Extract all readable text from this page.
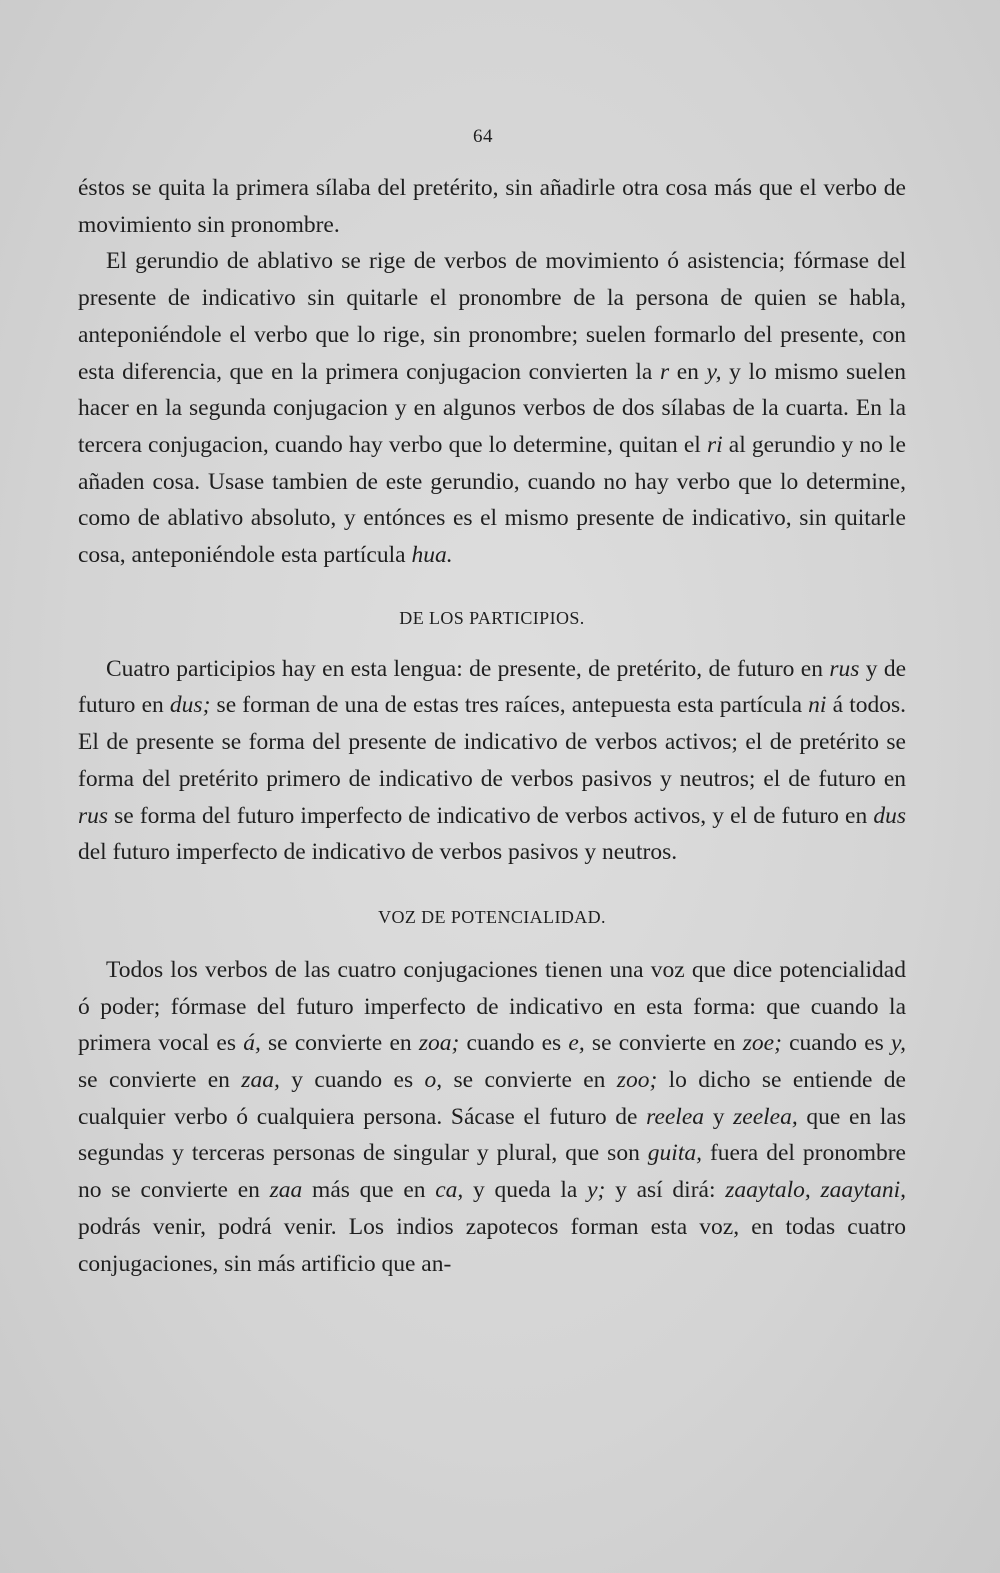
64

éstos se quita la primera sílaba del pretérito, sin añadirle otra cosa más que el verbo de movimiento sin pronombre.

El gerundio de ablativo se rige de verbos de movimiento ó asistencia; fórmase del presente de indicativo sin quitarle el pronombre de la persona de quien se habla, anteponiéndole el verbo que lo rige, sin pronombre; suelen formarlo del presente, con esta diferencia, que en la primera conjugacion convierten la r en y, y lo mismo suelen hacer en la segunda conjugacion y en algunos verbos de dos sílabas de la cuarta. En la tercera conjugacion, cuando hay verbo que lo determine, quitan el ri al gerundio y no le añaden cosa. Usase tambien de este gerundio, cuando no hay verbo que lo determine, como de ablativo absoluto, y entónces es el mismo presente de indicativo, sin quitarle cosa, anteponiéndole esta partícula hua.

DE LOS PARTICIPIOS.

Cuatro participios hay en esta lengua: de presente, de pretérito, de futuro en rus y de futuro en dus; se forman de una de estas tres raíces, antepuesta esta partícula ni á todos. El de presente se forma del presente de indicativo de verbos activos; el de pretérito se forma del pretérito primero de indicativo de verbos pasivos y neutros; el de futuro en rus se forma del futuro imperfecto de indicativo de verbos activos, y el de futuro en dus del futuro imperfecto de indicativo de verbos pasivos y neutros.

VOZ DE POTENCIALIDAD.

Todos los verbos de las cuatro conjugaciones tienen una voz que dice potencialidad ó poder; fórmase del futuro imperfecto de indicativo en esta forma: que cuando la primera vocal es á, se convierte en zoa; cuando es e, se convierte en zoe; cuando es y, se convierte en zaa, y cuando es o, se convierte en zoo; lo dicho se entiende de cualquier verbo ó cualquiera persona. Sácase el futuro de reelea y zeelea, que en las segundas y terceras personas de singular y plural, que son guita, fuera del pronombre no se convierte en zaa más que en ca, y queda la y; y así dirá: zaaytalo, zaaytani, podrás venir, podrá venir. Los indios zapotecos forman esta voz, en todas cuatro conjugaciones, sin más artificio que an-
